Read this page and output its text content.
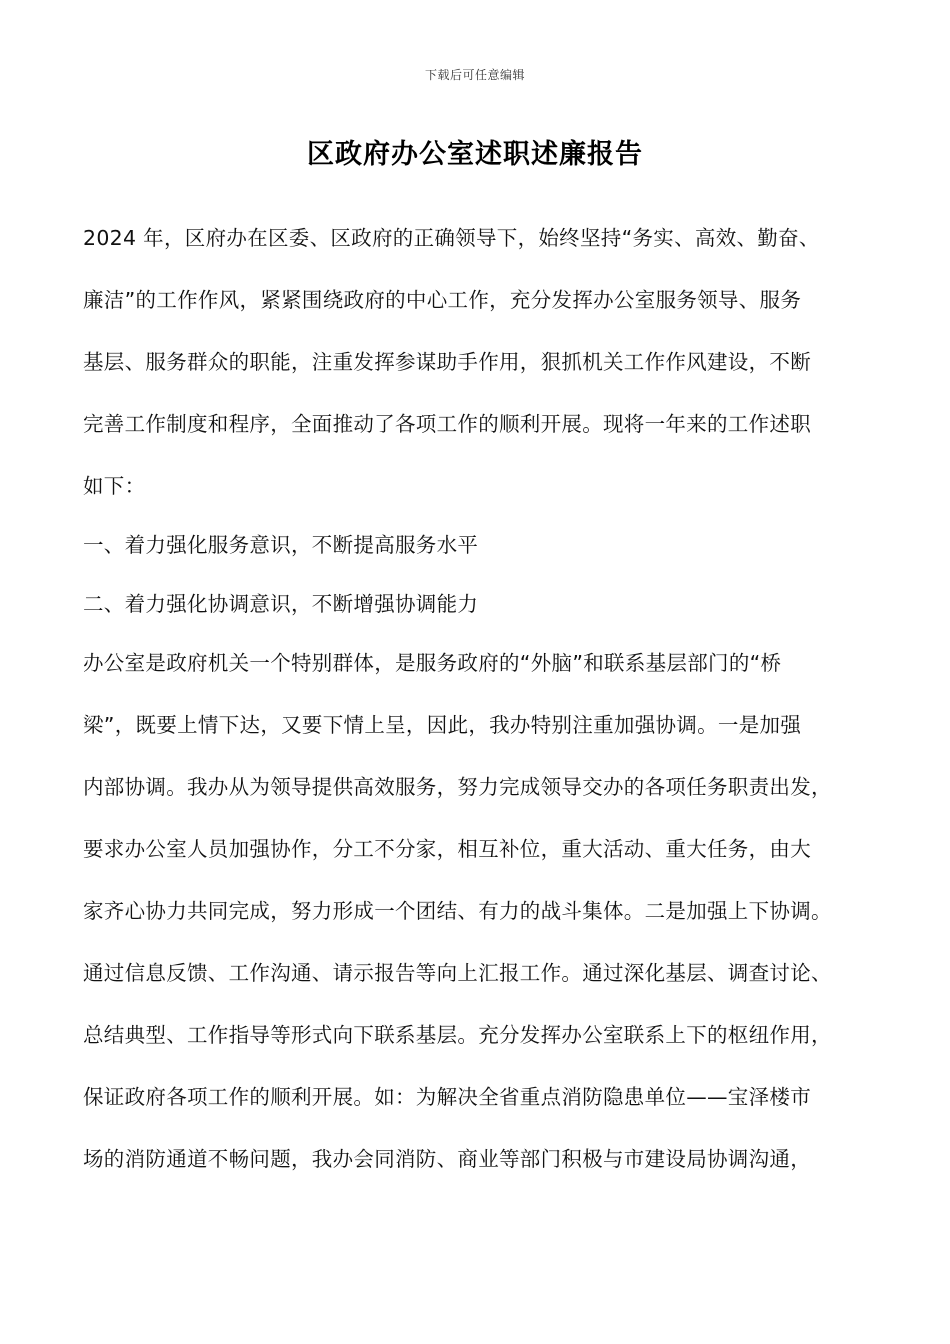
下载后可任意编辑
区政府办公室述职述廉报告
2024 年，区府办在区委、区政府的正确领导下，始终坚持“务实、高效、勤奋、
廉洁”的工作作风，紧紧围绕政府的中心工作，充分发挥办公室服务领导、服务
基层、服务群众的职能，注重发挥参谋助手作用，狠抓机关工作作风建设，不断
完善工作制度和程序，全面推动了各项工作的顺利开展。现将一年来的工作述职
如下：
一、着力强化服务意识，不断提高服务水平
二、着力强化协调意识，不断增强协调能力
办公室是政府机关一个特别群体，是服务政府的“外脑”和联系基层部门的“桥
梁”，既要上情下达，又要下情上呈，因此，我办特别注重加强协调。一是加强
内部协调。我办从为领导提供高效服务，努力完成领导交办的各项任务职责出发，
要求办公室人员加强协作，分工不分家，相互补位，重大活动、重大任务，由大
家齐心协力共同完成，努力形成一个团结、有力的战斗集体。二是加强上下协调。
通过信息反馈、工作沟通、请示报告等向上汇报工作。通过深化基层、调查讨论、
总结典型、工作指导等形式向下联系基层。充分发挥办公室联系上下的枢纽作用，
保证政府各项工作的顺利开展。如：为解决全省重点消防隐患单位——宝泽楼市
场的消防通道不畅问题，我办会同消防、商业等部门积极与市建设局协调沟通，
